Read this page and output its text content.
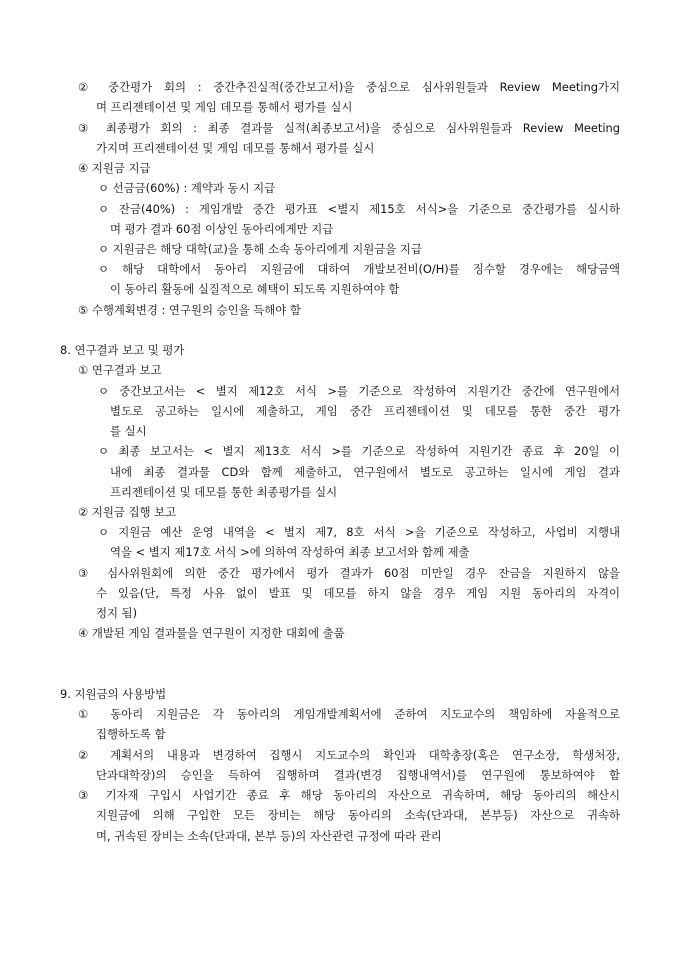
② 중간평가 회의 : 중간추진실적(중간보고서)을 중심으로 심사위원들과 Review Meeting가지
며 프리젠테이션 및 게임 데모를 통해서 평가를 실시
③ 최종평가 회의 : 최종 결과물 실적(최종보고서)을 중심으로 심사위원들과 Review Meeting
가지며 프리젠테이션 및 게임 데모를 통해서 평가를 실시
④ 지원금 지급
ㅇ 선금금(60%) : 계약과 동시 지급
ㅇ 잔금(40%) : 게임개발 중간 평가표 <별지 제15호 서식>을 기준으로 중간평가를 실시하
며 평가 결과 60점 이상인 동아리에게만 지급
ㅇ 지원금은 해당 대학(교)을 통해 소속 동아리에게 지원금을 지급
ㅇ 해당 대학에서 동아리 지원금에 대하여 개발보전비(O/H)를 징수할 경우에는 해당금액
이 동아리 활동에 실질적으로 혜택이 되도록 지원하여야 함
⑤ 수행계획변경 : 연구원의 승인을 득해야 함
8. 연구결과 보고 및 평가
① 연구결과 보고
ㅇ 중간보고서는 < 별지 제12호 서식 >를 기준으로 작성하여 지원기간 중간에 연구원에서
별도로 공고하는 일시에 제출하고, 게임 중간 프리젠테이션 및 데모를 통한 중간 평가
를 실시
ㅇ 최종 보고서는 < 별지 제13호 서식 >를 기준으로 작성하여 지원기간 종료 후 20일 이
내에 최종 결과물 CD와 함께 제출하고, 연구원에서 별도로 공고하는 일시에 게임 결과
프리젠테이션 및 데모를 통한 최종평가를 실시
② 지원금 집행 보고
ㅇ 지원금 예산 운영 내역을 < 별지 제7, 8호 서식 >을 기준으로 작성하고, 사업비 지행내
역을 < 별지 제17호 서식 >에 의하여 작성하여 최종 보고서와 함께 제출
③ 심사위원회에 의한 중간 평가에서 평가 결과가 60점 미만일 경우 잔금을 지원하지 않을
수 있음(단, 특정 사유 없이 발표 및 데모를 하지 않을 경우 게임 지원 동아리의 자격이
정지 됨)
④ 개발된 게임 결과물을 연구원이 지정한 대회에 출품
9. 지원금의 사용방법
① 동아리 지원금은 각 동아리의 게임개발계획서에 준하여 지도교수의 책임하에 자율적으로
집행하도록 함
② 계획서의 내용과 변경하여 집행시 지도교수의 확인과 대학총장(혹은 연구소장, 학생처장,
단과대학장)의 승인을 득하여 집행하며 결과(변경 집행내역서)를 연구원에 통보하여야 함
③ 기자재 구입시 사업기간 종료 후 해당 동아리의 자산으로 귀속하며, 해당 동아리의 해산시
지원금에 의해 구입한 모든 장비는 해당 동아리의 소속(단과대, 본부등) 자산으로 귀속하
며, 귀속된 장비는 소속(단과대, 본부 등)의 자산관련 규정에 따라 관리
